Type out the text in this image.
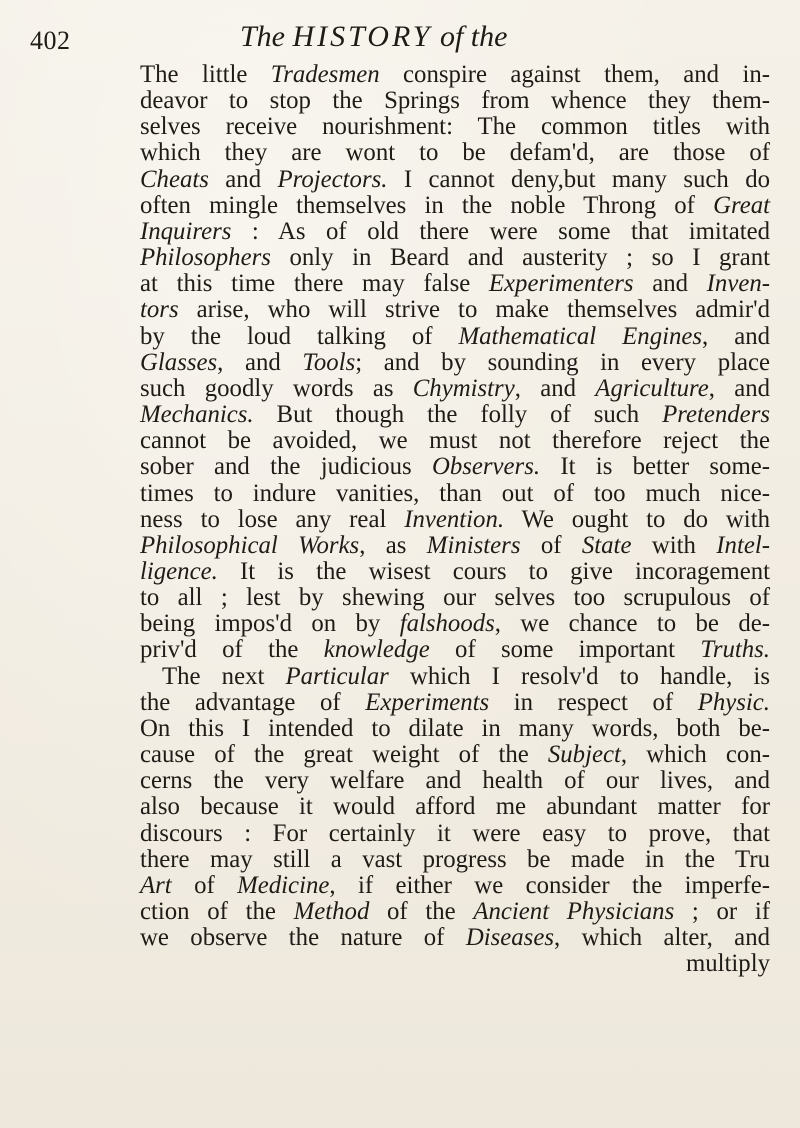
402	The HISTORY of the
The little Tradesmen conspire against them, and in-
deavor to stop the Springs from whence they them-
selves receive nourishment: The common titles with
which they are wont to be defam'd, are those of
Cheats and Projectors. I cannot deny,but many such do
often mingle themselves in the noble Throng of Great
Inquirers : As of old there were some that imitated
Philosophers only in Beard and austerity ; so I grant
at this time there may false Experimenters and Inven-
tors arise, who will strive to make themselves admir'd
by the loud talking of Mathematical Engines, and
Glasses, and Tools; and by sounding in every place
such goodly words as Chymistry, and Agriculture, and
Mechanics. But though the folly of such Pretenders
cannot be avoided, we must not therefore reject the
sober and the judicious Observers. It is better some-
times to indure vanities, than out of too much nice-
ness to lose any real Invention. We ought to do with
Philosophical Works, as Ministers of State with Intel-
ligence. It is the wisest cours to give incoragement
to all ; lest by shewing our selves too scrupulous of
being impos'd on by falshoods, we chance to be de-
priv'd of the knowledge of some important Truths.
The next Particular which I resolv'd to handle, is
the advantage of Experiments in respect of Physic.
On this I intended to dilate in many words, both be-
cause of the great weight of the Subject, which con-
cerns the very welfare and health of our lives, and
also because it would afford me abundant matter for
discours : For certainly it were easy to prove, that
there may still a vast progress be made in the Tru
Art of Medicine, if either we consider the imperfe-
ction of the Method of the Ancient Physicians ; or if
we observe the nature of Diseases, which alter, and
multiply
